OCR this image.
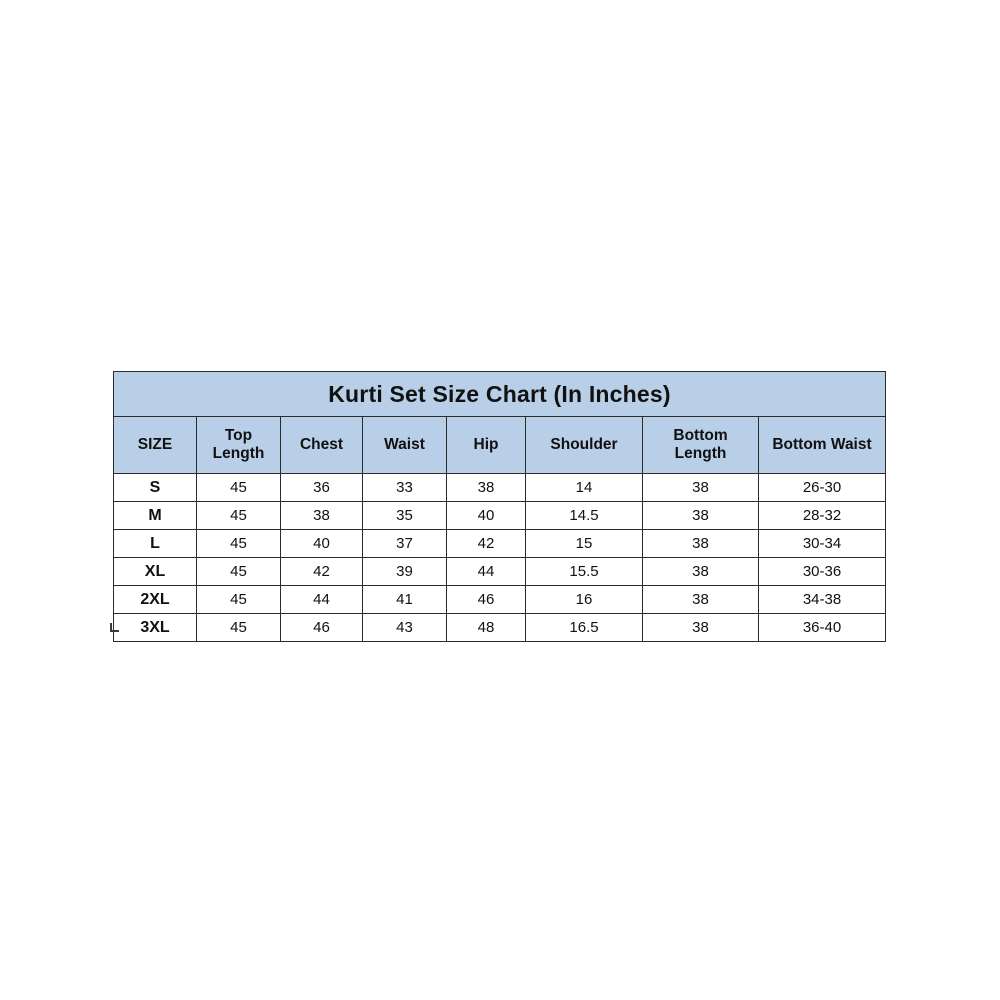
Kurti Set Size Chart (In Inches)							
SIZE	Top Length	Chest	Waist	Hip	Shoulder	Bottom Length	Bottom Waist
S	45	36	33	38	14	38	26-30
M	45	38	35	40	14.5	38	28-32
L	45	40	37	42	15	38	30-34
XL	45	42	39	44	15.5	38	30-36
2XL	45	44	41	46	16	38	34-38
3XL	45	46	43	48	16.5	38	36-40
